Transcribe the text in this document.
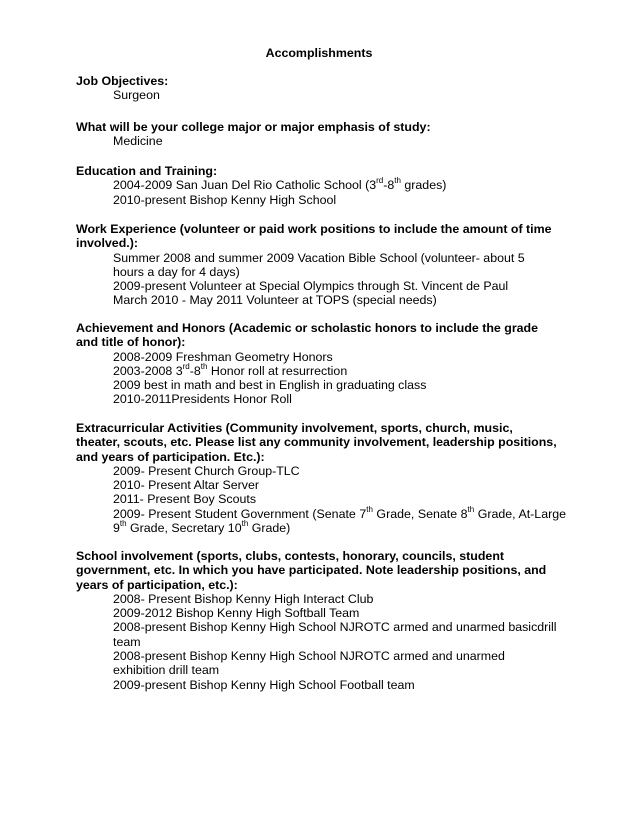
Accomplishments
Job Objectives:
Surgeon
What will be your college major or major emphasis of study:
Medicine
Education and Training:
2004-2009 San Juan Del Rio Catholic School (3rd-8th grades)
2010-present Bishop Kenny High School
Work Experience (volunteer or paid work positions to include the amount of time
involved.):
Summer 2008 and summer 2009 Vacation Bible School (volunteer- about 5
hours a day for 4 days)
2009-present Volunteer at Special Olympics through St. Vincent de Paul
March 2010 - May 2011 Volunteer at TOPS (special needs)
Achievement and Honors (Academic or scholastic honors to include the grade
and title of honor):
2008-2009 Freshman Geometry Honors
2003-2008 3rd-8th Honor roll at resurrection
2009 best in math and best in English in graduating class
2010-2011Presidents Honor Roll
Extracurricular Activities (Community involvement, sports, church, music,
theater, scouts, etc. Please list any community involvement, leadership positions,
and years of participation. Etc.):
2009- Present Church Group-TLC
2010- Present Altar Server
2011- Present Boy Scouts
2009- Present Student Government (Senate 7th Grade, Senate 8th Grade, At-Large 9th Grade, Secretary 10th Grade)
School involvement (sports, clubs, contests, honorary, councils, student
government, etc. In which you have participated. Note leadership positions, and
years of participation, etc.):
2008- Present Bishop Kenny High Interact Club
2009-2012 Bishop Kenny High Softball Team
2008-present Bishop Kenny High School NJROTC armed and unarmed basicdrill
team
2008-present Bishop Kenny High School NJROTC armed and unarmed
exhibition drill team
2009-present Bishop Kenny High School Football team
